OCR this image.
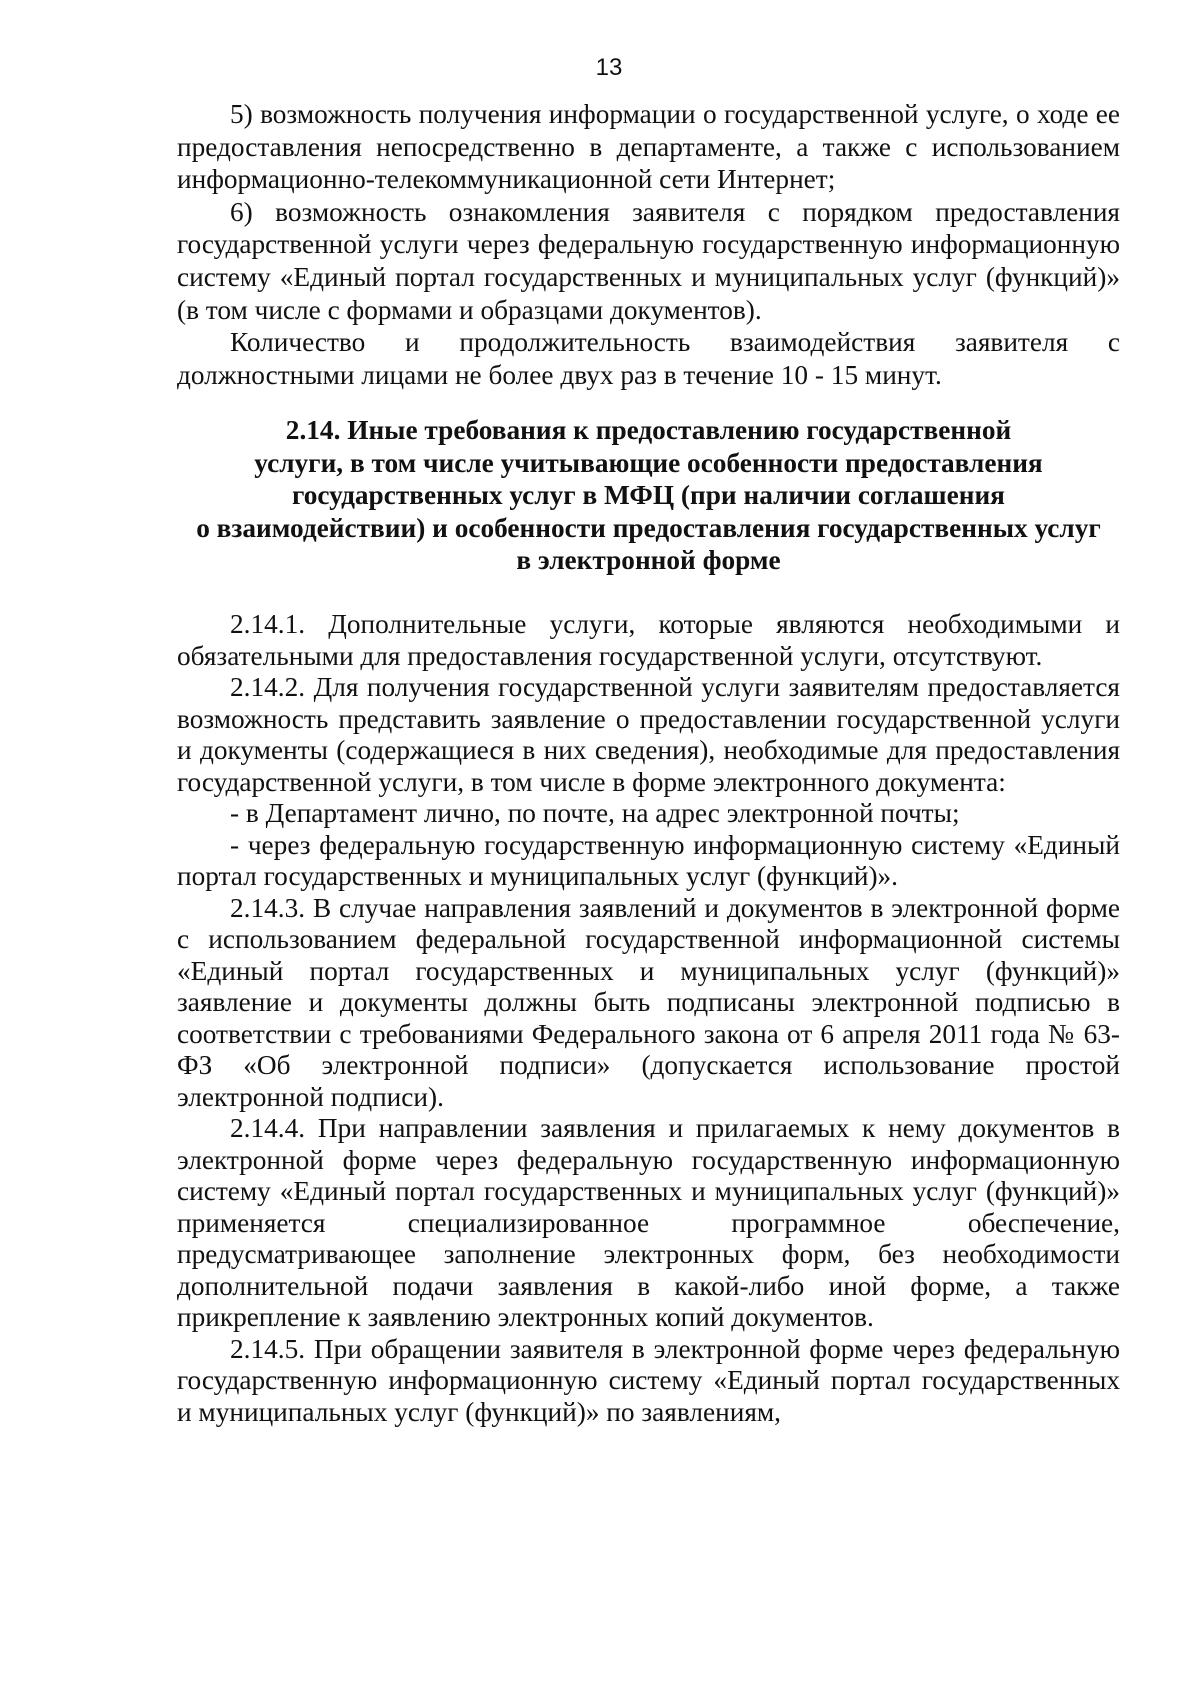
13

5) возможность получения информации о государственной услуге, о ходе ее предоставления непосредственно в департаменте, а также с использованием информационно-телекоммуникационной сети Интернет;

6) возможность ознакомления заявителя с порядком предоставления государственной услуги через федеральную государственную информационную систему «Единый портал государственных и муниципальных услуг (функций)» (в том числе с формами и образцами документов).

Количество и продолжительность взаимодействия заявителя с должностными лицами не более двух раз в течение 10 - 15 минут.

2.14. Иные требования к предоставлению государственной
услуги, в том числе учитывающие особенности предоставления
государственных услуг в МФЦ (при наличии соглашения
о взаимодействии) и особенности предоставления государственных услуг
в электронной форме

2.14.1. Дополнительные услуги, которые являются необходимыми и обязательными для предоставления государственной услуги, отсутствуют.

2.14.2. Для получения государственной услуги заявителям предоставляется возможность представить заявление о предоставлении государственной услуги и документы (содержащиеся в них сведения), необходимые для предоставления государственной услуги, в том числе в форме электронного документа:

- в Департамент лично, по почте, на адрес электронной почты;

- через федеральную государственную информационную систему «Единый портал государственных и муниципальных услуг (функций)».

2.14.3. В случае направления заявлений и документов в электронной форме с использованием федеральной государственной информационной системы «Единый портал государственных и муниципальных услуг (функций)» заявление и документы должны быть подписаны электронной подписью в соответствии с требованиями Федерального закона от 6 апреля 2011 года № 63-ФЗ «Об электронной подписи» (допускается использование простой электронной подписи).

2.14.4. При направлении заявления и прилагаемых к нему документов в электронной форме через федеральную государственную информационную систему «Единый портал государственных и муниципальных услуг (функций)» применяется специализированное программное обеспечение, предусматривающее заполнение электронных форм, без необходимости дополнительной подачи заявления в какой-либо иной форме, а также прикрепление к заявлению электронных копий документов.

2.14.5. При обращении заявителя в электронной форме через федеральную государственную информационную систему «Единый портал государственных и муниципальных услуг (функций)» по заявлениям,
